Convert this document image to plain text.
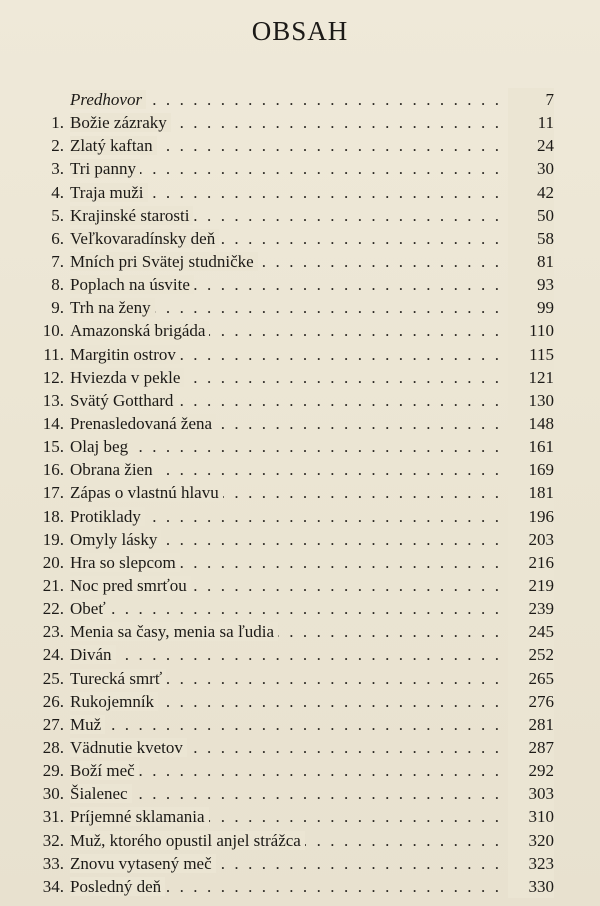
OBSAH
Predhovor . . .	7
1. Božie zázraky . . .	11
2. Zlatý kaftan . . .	24
3. Tri panny . . .	30
4. Traja muži . . .	42
5. Krajinské starosti . . .	50
6. Veľkovaradínsky deň . . .	58
7. Mních pri Svätej studničke . . .	81
8. Poplach na úsvite . . .	93
9. Trh na ženy . . .	99
10. Amazonská brigáda . . .	110
11. Margitin ostrov . . .	115
12. Hviezda v pekle . . .	121
13. Svätý Gotthard . . .	130
14. Prenasledovaná žena . . .	148
15. Olaj beg . . .	161
16. Obrana žien . . .	169
17. Zápas o vlastnú hlavu . . .	181
18. Protiklady . . .	196
19. Omyly lásky . . .	203
20. Hra so slepcom . . .	216
21. Noc pred smrťou . . .	219
22. Obeť . . .	239
23. Menia sa časy, menia sa ľudia . . .	245
24. Diván . . .	252
25. Turecká smrť . . .	265
26. Rukojemník . . .	276
27. Muž . . .	281
28. Vädnutie kvetov . . .	287
29. Boží meč . . .	292
30. Šialenec . . .	303
31. Príjemné sklamania . . .	310
32. Muž, ktorého opustil anjel strážca . . .	320
33. Znovu vytasený meč . . .	323
34. Posledný deň . . .	330
